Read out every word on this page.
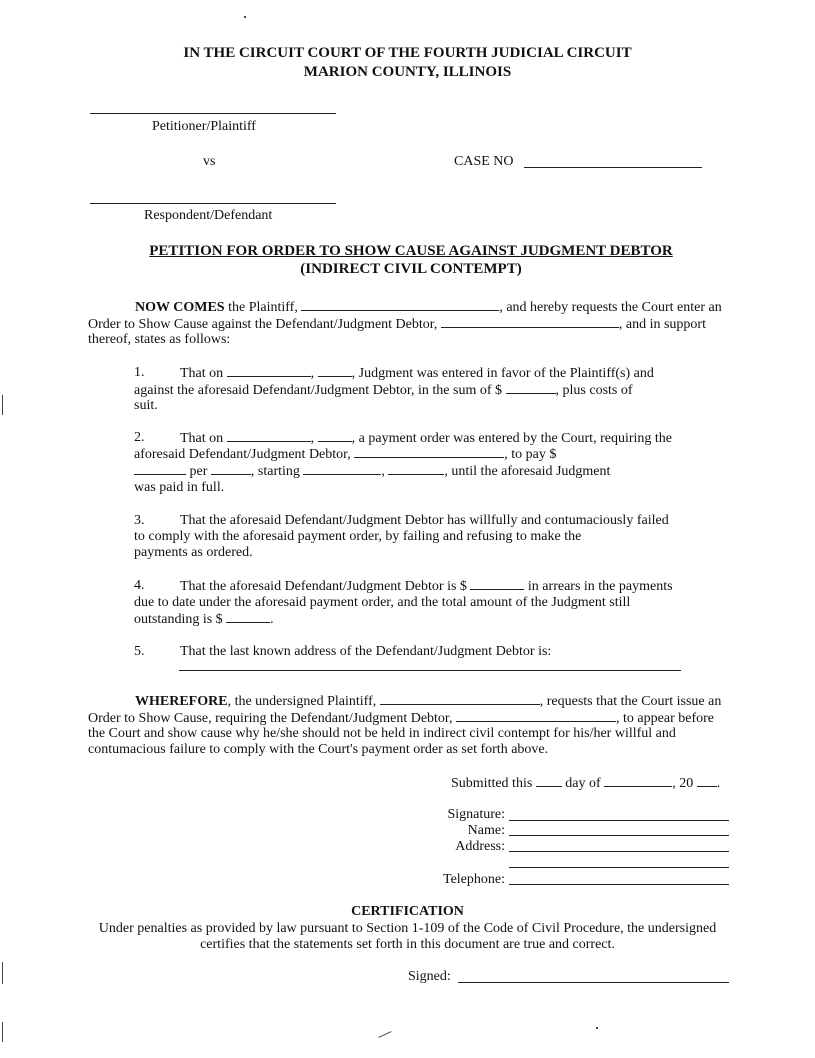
IN THE CIRCUIT COURT OF THE FOURTH JUDICIAL CIRCUIT
MARION COUNTY, ILLINOIS
Petitioner/Plaintiff
vs	CASE NO
Respondent/Defendant
PETITION FOR ORDER TO SHOW CAUSE AGAINST JUDGMENT DEBTOR
(INDIRECT CIVIL CONTEMPT)
NOW COMES the Plaintiff,	, and hereby requests the Court enter an
Order to Show Cause against the Defendant/Judgment Debtor,	, and in support
thereof, states as follows:
1.	That on	,	, Judgment was entered in favor of the Plaintiff(s) and
against the aforesaid Defendant/Judgment Debtor, in the sum of $	, plus costs of
suit.
2.	That on	,	, a payment order was entered by the Court, requiring the
aforesaid Defendant/Judgment Debtor,	, to pay $
per	, starting	,	, until the aforesaid Judgment
was paid in full.
3.	That the aforesaid Defendant/Judgment Debtor has willfully and contumaciously failed
to comply with the aforesaid payment order, by failing and refusing to make the
payments as ordered.
4.	That the aforesaid Defendant/Judgment Debtor is $	in arrears in the payments
due to date under the aforesaid payment order, and the total amount of the Judgment still
outstanding is $	.
5.	That the last known address of the Defendant/Judgment Debtor is:
WHEREFORE, the undersigned Plaintiff,	, requests that the Court issue an
Order to Show Cause, requiring the Defendant/Judgment Debtor,	, to appear before
the Court and show cause why he/she should not be held in indirect civil contempt for his/her willful and
contumacious failure to comply with the Court's payment order as set forth above.
Submitted this day of	, 20 .
Signature:
Name:
Address:
Telephone:
CERTIFICATION
Under penalties as provided by law pursuant to Section 1-109 of the Code of Civil Procedure, the undersigned
certifies that the statements set forth in this document are true and correct.
Signed:
